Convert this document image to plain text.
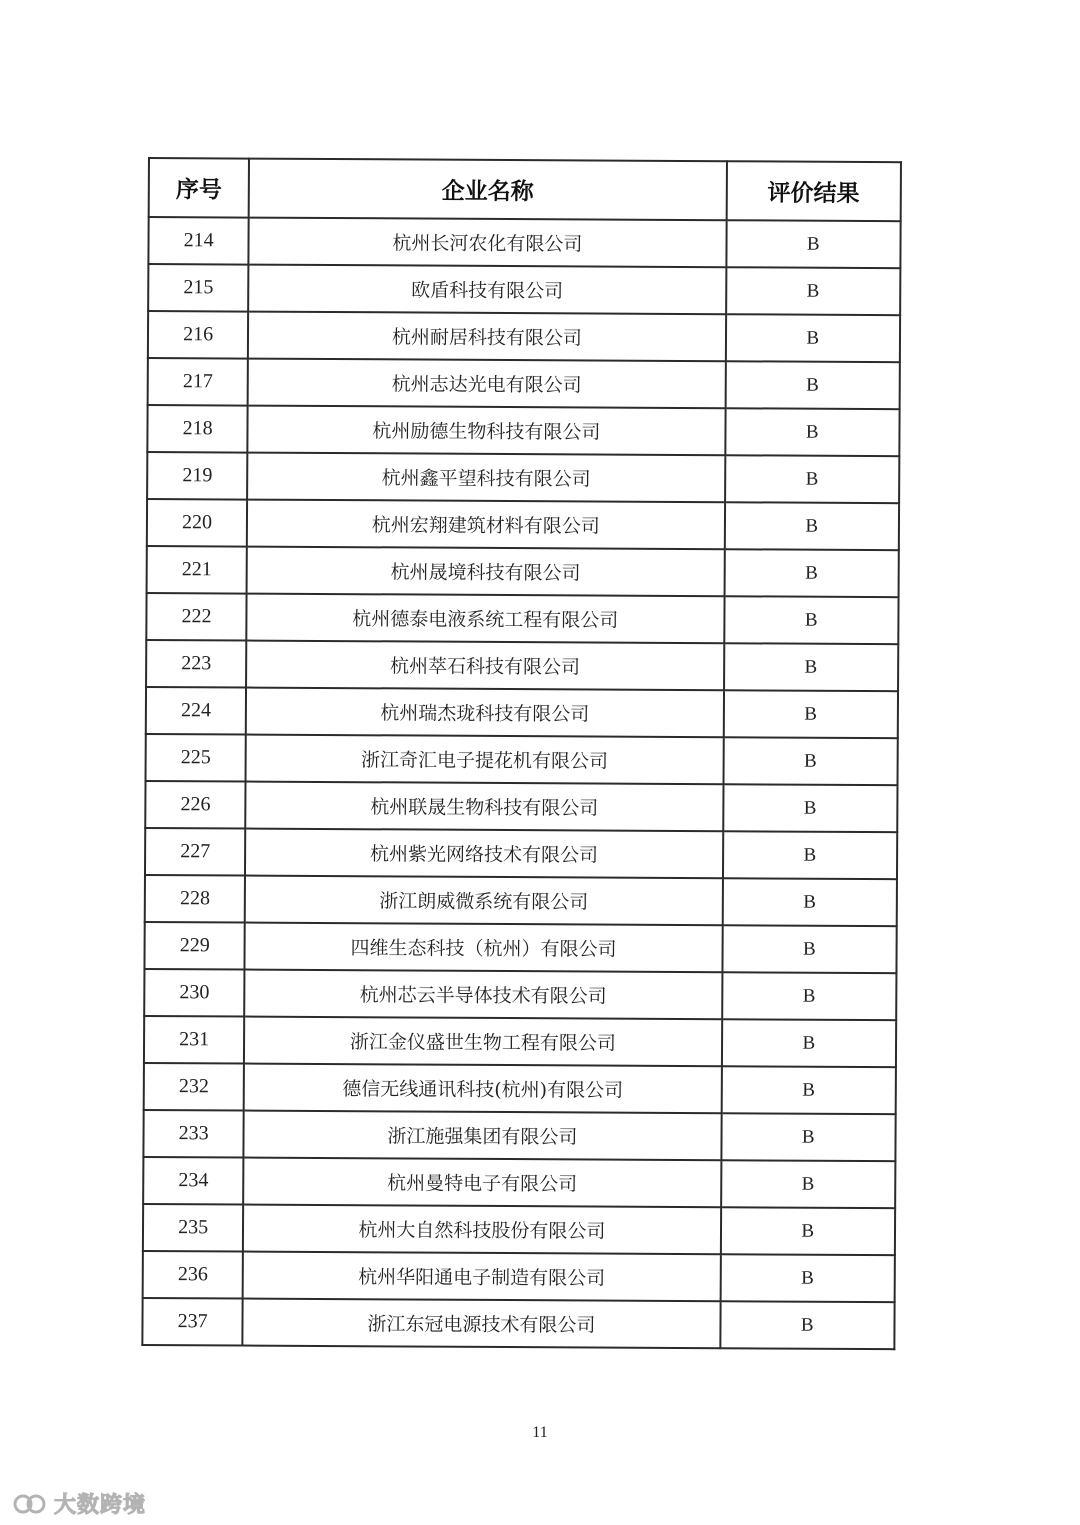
序号	企业名称	评价结果
214	杭州长河农化有限公司	B
215	欧盾科技有限公司	B
216	杭州耐居科技有限公司	B
217	杭州志达光电有限公司	B
218	杭州励德生物科技有限公司	B
219	杭州鑫平望科技有限公司	B
220	杭州宏翔建筑材料有限公司	B
221	杭州晟境科技有限公司	B
222	杭州德泰电液系统工程有限公司	B
223	杭州萃石科技有限公司	B
224	杭州瑞杰珑科技有限公司	B
225	浙江奇汇电子提花机有限公司	B
226	杭州联晟生物科技有限公司	B
227	杭州紫光网络技术有限公司	B
228	浙江朗威微系统有限公司	B
229	四维生态科技（杭州）有限公司	B
230	杭州芯云半导体技术有限公司	B
231	浙江金仪盛世生物工程有限公司	B
232	德信无线通讯科技(杭州)有限公司	B
233	浙江施强集团有限公司	B
234	杭州曼特电子有限公司	B
235	杭州大自然科技股份有限公司	B
236	杭州华阳通电子制造有限公司	B
237	浙江东冠电源技术有限公司	B
11
大数跨境
